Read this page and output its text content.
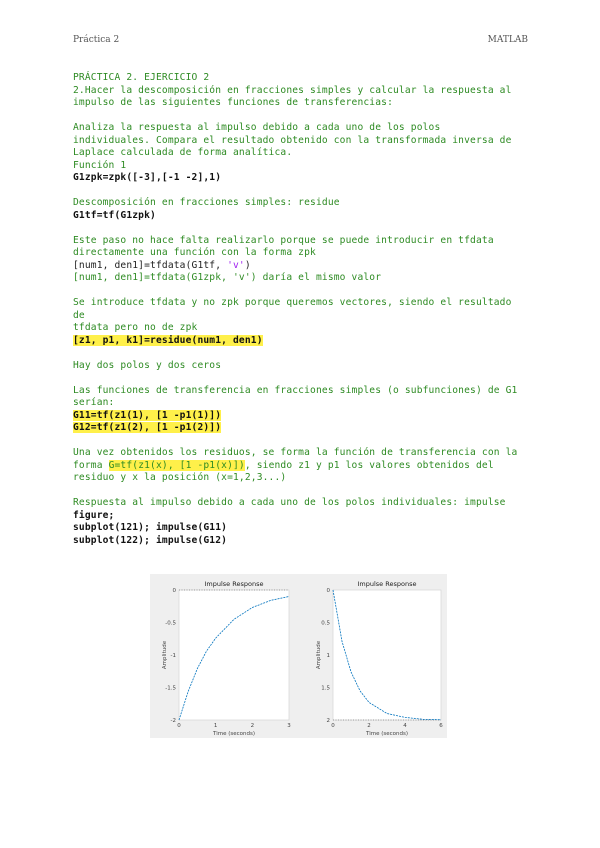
Práctica 2	MATLAB

PRÁCTICA 2. EJERCICIO 2

2.Hacer la descomposición en fracciones simples y calcular la respuesta al

impulso de las siguientes funciones de transferencias:

Analiza la respuesta al impulso debido a cada uno de los polos

individuales. Compara el resultado obtenido con la transformada inversa de

Laplace calculada de forma analítica.

Función 1

G1zpk=zpk([-3],[-1 -2],1)

Descomposición en fracciones simples: residue

G1tf=tf(G1zpk)

Este paso no hace falta realizarlo porque se puede introducir en tfdata

directamente una función con la forma zpk

[num1, den1]=tfdata(G1tf, 'v')

[num1, den1]=tfdata(G1zpk, 'v') daría el mismo valor

Se introduce tfdata y no zpk porque queremos vectores, siendo el resultado de

tfdata pero no de zpk

[z1, p1, k1]=residue(num1, den1)

Hay dos polos y dos ceros

Las funciones de transferencia en fracciones simples (o subfunciones) de G1

serían:

G11=tf(z1(1), [1 -p1(1)])

G12=tf(z1(2), [1 -p1(2)])

Una vez obtenidos los residuos, se forma la función de transferencia con la

forma G=tf(z1(x), [1 -p1(x)]), siendo z1 y p1 los valores obtenidos del

residuo y x la posición (x=1,2,3...)

Respuesta al impulso debido a cada uno de los polos individuales: impulse

figure;

subplot(121); impulse(G11)

subplot(122); impulse(G12)

Impulse Response
Time (seconds)
Amplitude
0	1	2	3
0
-0.5
-1
-1.5
-2
Impulse Response
Time (seconds)
Amplitude
0	2	4	6
0
0.5
1
1.5
2
